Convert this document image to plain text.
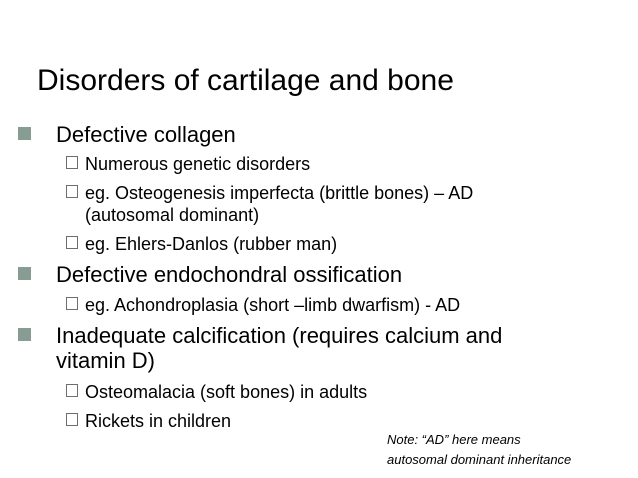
Disorders of cartilage and bone
Defective collagen
Numerous genetic disorders
eg. Osteogenesis imperfecta (brittle bones) – AD (autosomal dominant)
eg. Ehlers-Danlos (rubber man)
Defective endochondral ossification
eg. Achondroplasia (short –limb dwarfism) - AD
Inadequate calcification (requires calcium and vitamin D)
Osteomalacia (soft bones) in adults
Rickets in children
Note: “AD” here means
autosomal dominant inheritance
